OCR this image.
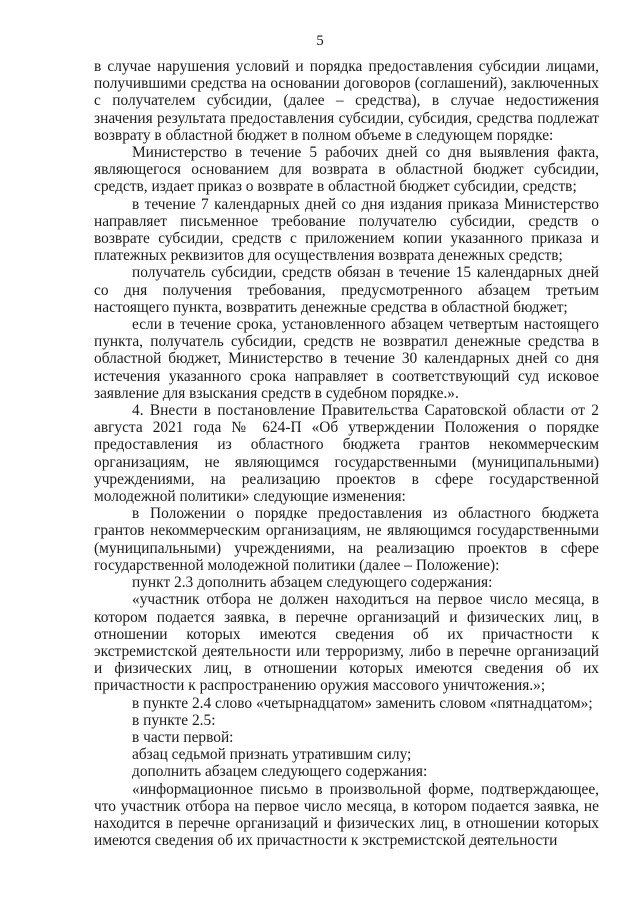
5

в случае нарушения условий и порядка предоставления субсидии лицами, получившими средства на основании договоров (соглашений), заключенных с получателем субсидии, (далее – средства), в случае недостижения значения результата предоставления субсидии, субсидия, средства подлежат возврату в областной бюджет в полном объеме в следующем порядке:

Министерство в течение 5 рабочих дней со дня выявления факта, являющегося основанием для возврата в областной бюджет субсидии, средств, издает приказ о возврате в областной бюджет субсидии, средств;

в течение 7 календарных дней со дня издания приказа Министерство направляет письменное требование получателю субсидии, средств о возврате субсидии, средств с приложением копии указанного приказа и платежных реквизитов для осуществления возврата денежных средств;

получатель субсидии, средств обязан в течение 15 календарных дней со дня получения требования, предусмотренного абзацем третьим настоящего пункта, возвратить денежные средства в областной бюджет;

если в течение срока, установленного абзацем четвертым настоящего пункта, получатель субсидии, средств не возвратил денежные средства в областной бюджет, Министерство в течение 30 календарных дней со дня истечения указанного срока направляет в соответствующий суд исковое заявление для взыскания средств в судебном порядке.».

4. Внести в постановление Правительства Саратовской области от 2 августа 2021 года № 624-П «Об утверждении Положения о порядке предоставления из областного бюджета грантов некоммерческим организациям, не являющимся государственными (муниципальными) учреждениями, на реализацию проектов в сфере государственной молодежной политики» следующие изменения:

в Положении о порядке предоставления из областного бюджета грантов некоммерческим организациям, не являющимся государственными (муниципальными) учреждениями, на реализацию проектов в сфере государственной молодежной политики (далее – Положение):

пункт 2.3 дополнить абзацем следующего содержания:

«участник отбора не должен находиться на первое число месяца, в котором подается заявка, в перечне организаций и физических лиц, в отношении которых имеются сведения об их причастности к экстремистской деятельности или терроризму, либо в перечне организаций и физических лиц, в отношении которых имеются сведения об их причастности к распространению оружия массового уничтожения.»;

в пункте 2.4 слово «четырнадцатом» заменить словом «пятнадцатом»;

в пункте 2.5:

в части первой:

абзац седьмой признать утратившим силу;

дополнить абзацем следующего содержания:

«информационное письмо в произвольной форме, подтверждающее, что участник отбора на первое число месяца, в котором подается заявка, не находится в перечне организаций и физических лиц, в отношении которых имеются сведения об их причастности к экстремистской деятельности
